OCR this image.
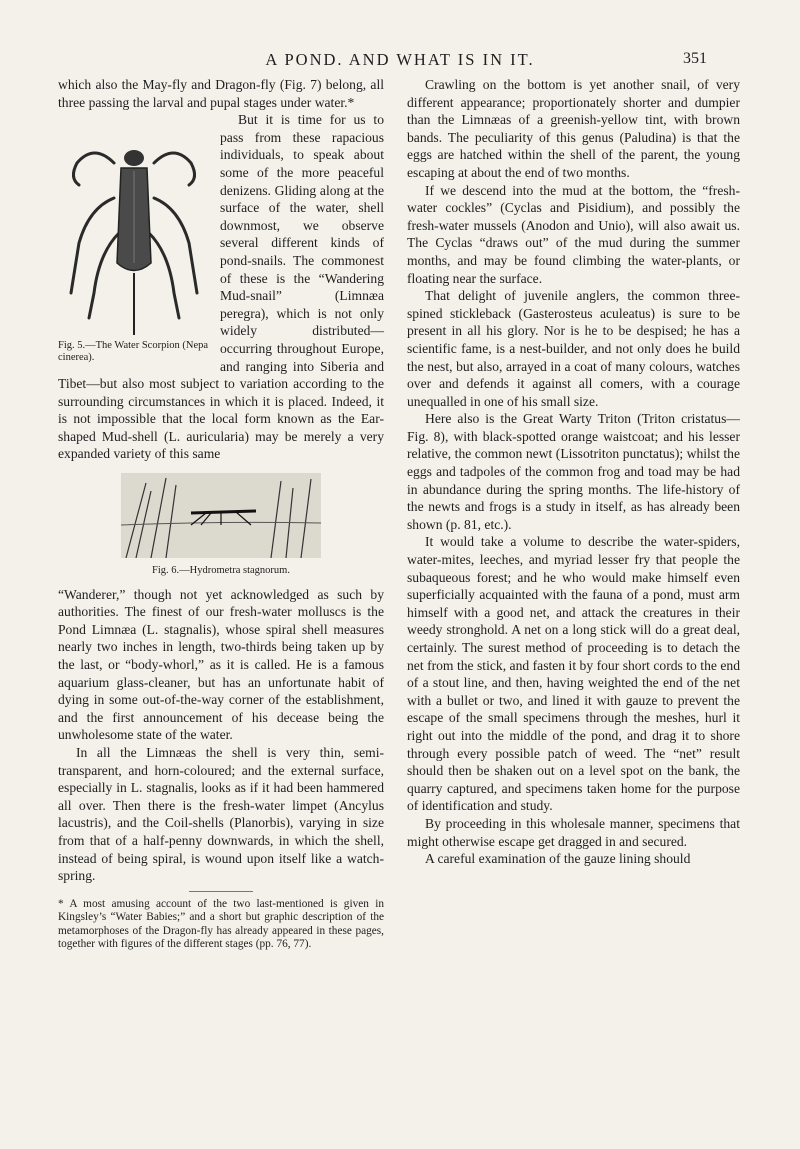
A POND. AND WHAT IS IN IT.	351

which also the May-fly and Dragon-fly (Fig. 7) belong, all three passing the larval and pupal stages under water.*

Fig. 5.—The Water Scorpion (Nepa cinerea).

But it is time for us to pass from these rapacious individuals, to speak about some of the more peaceful denizens. Gliding along at the surface of the water, shell downmost, we observe several different kinds of pond-snails. The commonest of these is the “Wandering Mud-snail” (Limnæa peregra), which is not only widely distributed—occurring throughout Europe, and ranging into Siberia and Tibet—but also most subject to variation according to the surrounding circumstances in which it is placed. Indeed, it is not impossible that the local form known as the Ear-shaped Mud-shell (L. auricularia) may be merely a very expanded variety of this same

Fig. 6.—Hydrometra stagnorum.

“Wanderer,” though not yet acknowledged as such by authorities. The finest of our fresh-water molluscs is the Pond Limnæa (L. stagnalis), whose spiral shell measures nearly two inches in length, two-thirds being taken up by the last, or “body-whorl,” as it is called. He is a famous aquarium glass-cleaner, but has an unfortunate habit of dying in some out-of-the-way corner of the establishment, and the first announcement of his decease being the unwholesome state of the water.

In all the Limnæas the shell is very thin, semi-transparent, and horn-coloured; and the external surface, especially in L. stagnalis, looks as if it had been hammered all over. Then there is the fresh-water limpet (Ancylus lacustris), and the Coil-shells (Planorbis), varying in size from that of a half-penny downwards, in which the shell, instead of being spiral, is wound upon itself like a watch-spring.

* A most amusing account of the two last-mentioned is given in Kingsley’s “Water Babies;” and a short but graphic description of the metamorphoses of the Dragon-fly has already appeared in these pages, together with figures of the different stages (pp. 76, 77).

Crawling on the bottom is yet another snail, of very different appearance; proportionately shorter and dumpier than the Limnæas of a greenish-yellow tint, with brown bands. The peculiarity of this genus (Paludina) is that the eggs are hatched within the shell of the parent, the young escaping at about the end of two months.

If we descend into the mud at the bottom, the “fresh-water cockles” (Cyclas and Pisidium), and possibly the fresh-water mussels (Anodon and Unio), will also await us. The Cyclas “draws out” of the mud during the summer months, and may be found climbing the water-plants, or floating near the surface.

That delight of juvenile anglers, the common three-spined stickleback (Gasterosteus aculeatus) is sure to be present in all his glory. Nor is he to be despised; he has a scientific fame, is a nest-builder, and not only does he build the nest, but also, arrayed in a coat of many colours, watches over and defends it against all comers, with a courage unequalled in one of his small size.

Here also is the Great Warty Triton (Triton cristatus—Fig. 8), with black-spotted orange waistcoat; and his lesser relative, the common newt (Lissotriton punctatus); whilst the eggs and tadpoles of the common frog and toad may be had in abundance during the spring months. The life-history of the newts and frogs is a study in itself, as has already been shown (p. 81, etc.).

It would take a volume to describe the water-spiders, water-mites, leeches, and myriad lesser fry that people the subaqueous forest; and he who would make himself even superficially acquainted with the fauna of a pond, must arm himself with a good net, and attack the creatures in their weedy stronghold. A net on a long stick will do a great deal, certainly. The surest method of proceeding is to detach the net from the stick, and fasten it by four short cords to the end of a stout line, and then, having weighted the end of the net with a bullet or two, and lined it with gauze to prevent the escape of the small specimens through the meshes, hurl it right out into the middle of the pond, and drag it to shore through every possible patch of weed. The “net” result should then be shaken out on a level spot on the bank, the quarry captured, and specimens taken home for the purpose of identification and study.

By proceeding in this wholesale manner, specimens that might otherwise escape get dragged in and secured.

A careful examination of the gauze lining should
